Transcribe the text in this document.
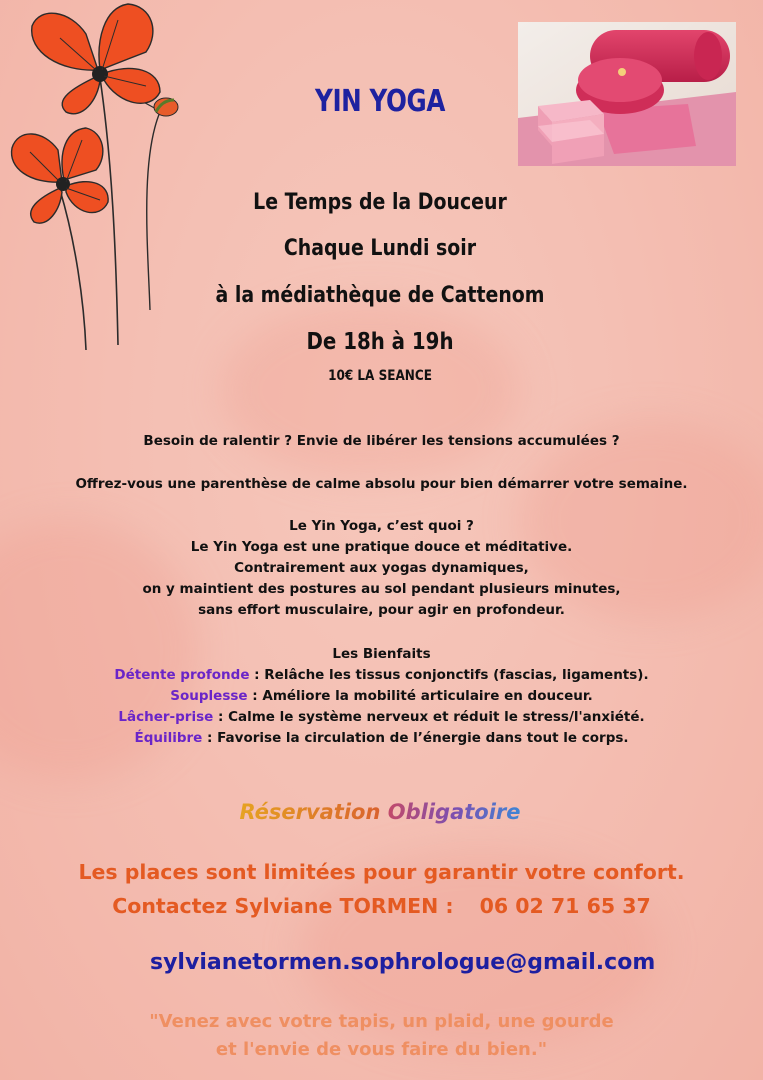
YIN YOGA
Le Temps de la Douceur
Chaque Lundi soir
à la médiathèque de Cattenom
De 18h à 19h
10€ LA SEANCE
Besoin de ralentir ? Envie de libérer les tensions accumulées ?
Offrez-vous une parenthèse de calme absolu pour bien démarrer votre semaine.
Le Yin Yoga, c’est quoi ?
Le Yin Yoga est une pratique douce et méditative.
Contrairement aux yogas dynamiques,
on y maintient des postures au sol pendant plusieurs minutes,
sans effort musculaire, pour agir en profondeur.
Les Bienfaits
Détente profonde : Relâche les tissus conjonctifs (fascias, ligaments).
Souplesse : Améliore la mobilité articulaire en douceur.
Lâcher-prise : Calme le système nerveux et réduit le stress/l'anxiété.
Équilibre : Favorise la circulation de l’énergie dans tout le corps.
Réservation Obligatoire
Les places sont limitées pour garantir votre confort.
Contactez Sylviane TORMEN : 06 02 71 65 37
sylvianetormen.sophrologue@gmail.com
"Venez avec votre tapis, un plaid, une gourde
et l'envie de vous faire du bien."
